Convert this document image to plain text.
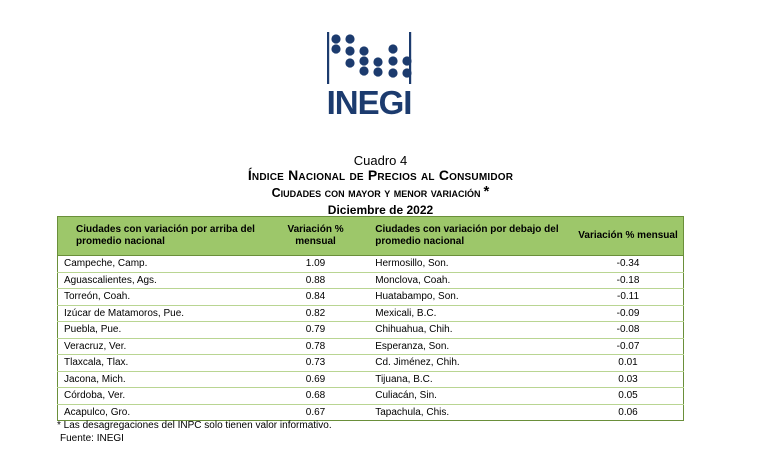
INEGI
Cuadro 4
Índice Nacional de Precios al Consumidor
Ciudades con mayor y menor variación *
Diciembre de 2022
Ciudades con variación por arriba del promedio nacional	Variación % mensual	Ciudades con variación por debajo del promedio nacional	Variación % mensual
Campeche, Camp.	1.09	Hermosillo, Son.	-0.34
Aguascalientes, Ags.	0.88	Monclova, Coah.	-0.18
Torreón, Coah.	0.84	Huatabampo, Son.	-0.11
Izúcar de Matamoros, Pue.	0.82	Mexicali, B.C.	-0.09
Puebla, Pue.	0.79	Chihuahua, Chih.	-0.08
Veracruz, Ver.	0.78	Esperanza, Son.	-0.07
Tlaxcala, Tlax.	0.73	Cd. Jiménez, Chih.	0.01
Jacona, Mich.	0.69	Tijuana, B.C.	0.03
Córdoba, Ver.	0.68	Culiacán, Sin.	0.05
Acapulco, Gro.	0.67	Tapachula, Chis.	0.06
* Las desagregaciones del INPC solo tienen valor informativo.
Fuente: INEGI
